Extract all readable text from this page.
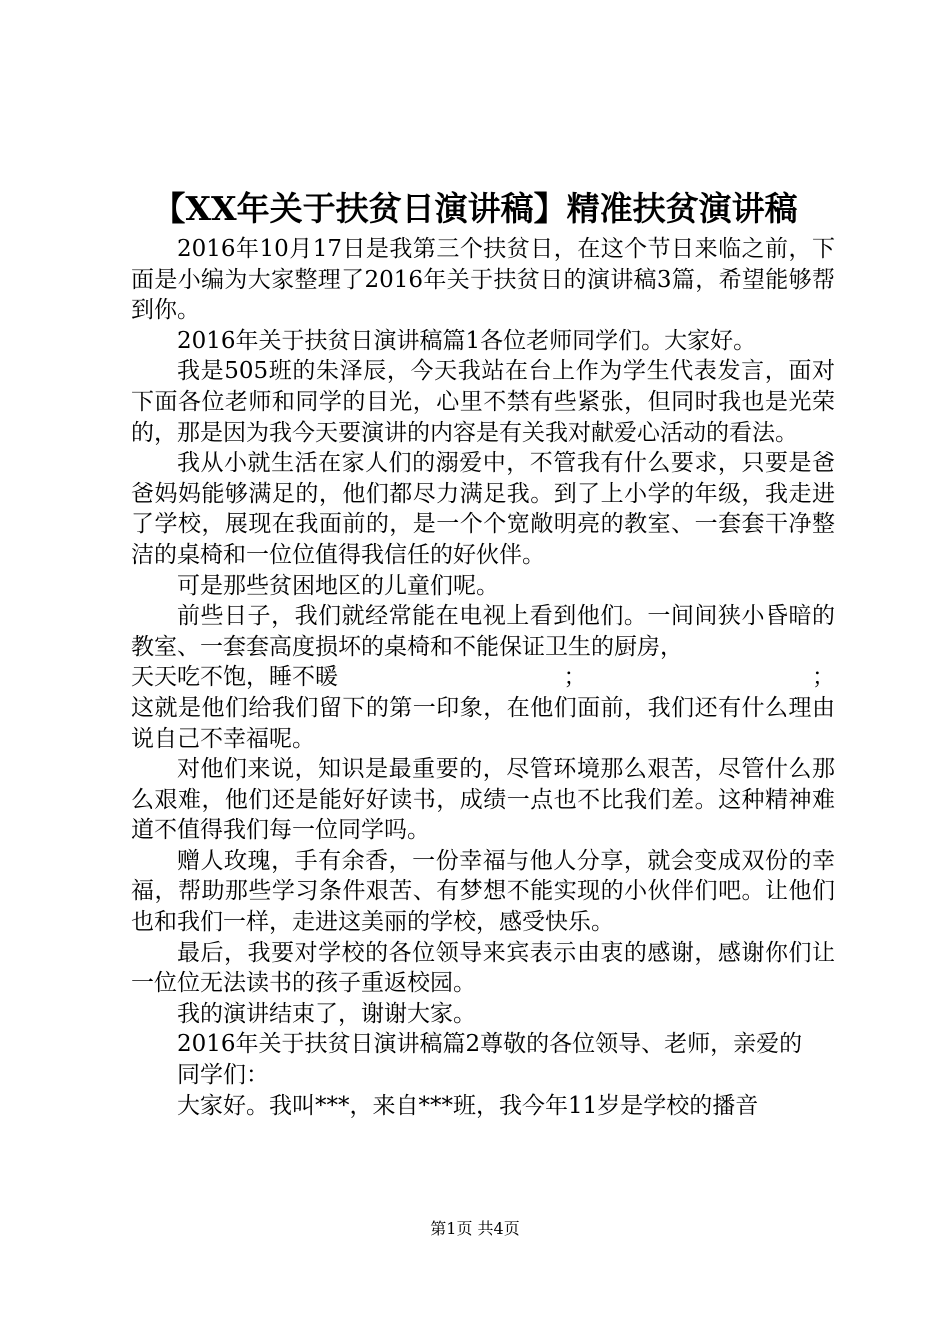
【XX年关于扶贫日演讲稿】精准扶贫演讲稿

2016年10月17日是我第三个扶贫日，在这个节日来临之前，下面是小编为大家整理了2016年关于扶贫日的演讲稿3篇，希望能够帮到你。

2016年关于扶贫日演讲稿篇1各位老师同学们。大家好。

我是505班的朱泽辰，今天我站在台上作为学生代表发言，面对下面各位老师和同学的目光，心里不禁有些紧张，但同时我也是光荣的，那是因为我今天要演讲的内容是有关我对献爱心活动的看法。

我从小就生活在家人们的溺爱中，不管我有什么要求，只要是爸爸妈妈能够满足的，他们都尽力满足我。到了上小学的年级，我走进了学校，展现在我面前的，是一个个宽敞明亮的教室、一套套干净整洁的桌椅和一位位值得我信任的好伙伴。

可是那些贫困地区的儿童们呢。

前些日子，我们就经常能在电视上看到他们。一间间狭小昏暗的教室、一套套高度损坏的桌椅和不能保证卫生的厨房，

天天吃不饱，睡不暖	；	；

这就是他们给我们留下的第一印象，在他们面前，我们还有什么理由说自己不幸福呢。

对他们来说，知识是最重要的，尽管环境那么艰苦，尽管什么那么艰难，他们还是能好好读书，成绩一点也不比我们差。这种精神难道不值得我们每一位同学吗。

赠人玫瑰，手有余香，一份幸福与他人分享，就会变成双份的幸福，帮助那些学习条件艰苦、有梦想不能实现的小伙伴们吧。让他们也和我们一样，走进这美丽的学校，感受快乐。

最后，我要对学校的各位领导来宾表示由衷的感谢，感谢你们让一位位无法读书的孩子重返校园。

我的演讲结束了，谢谢大家。

2016年关于扶贫日演讲稿篇2尊敬的各位领导、老师，亲爱的

同学们：

大家好。我叫***，来自***班，我今年11岁是学校的播音

第1页 共4页
